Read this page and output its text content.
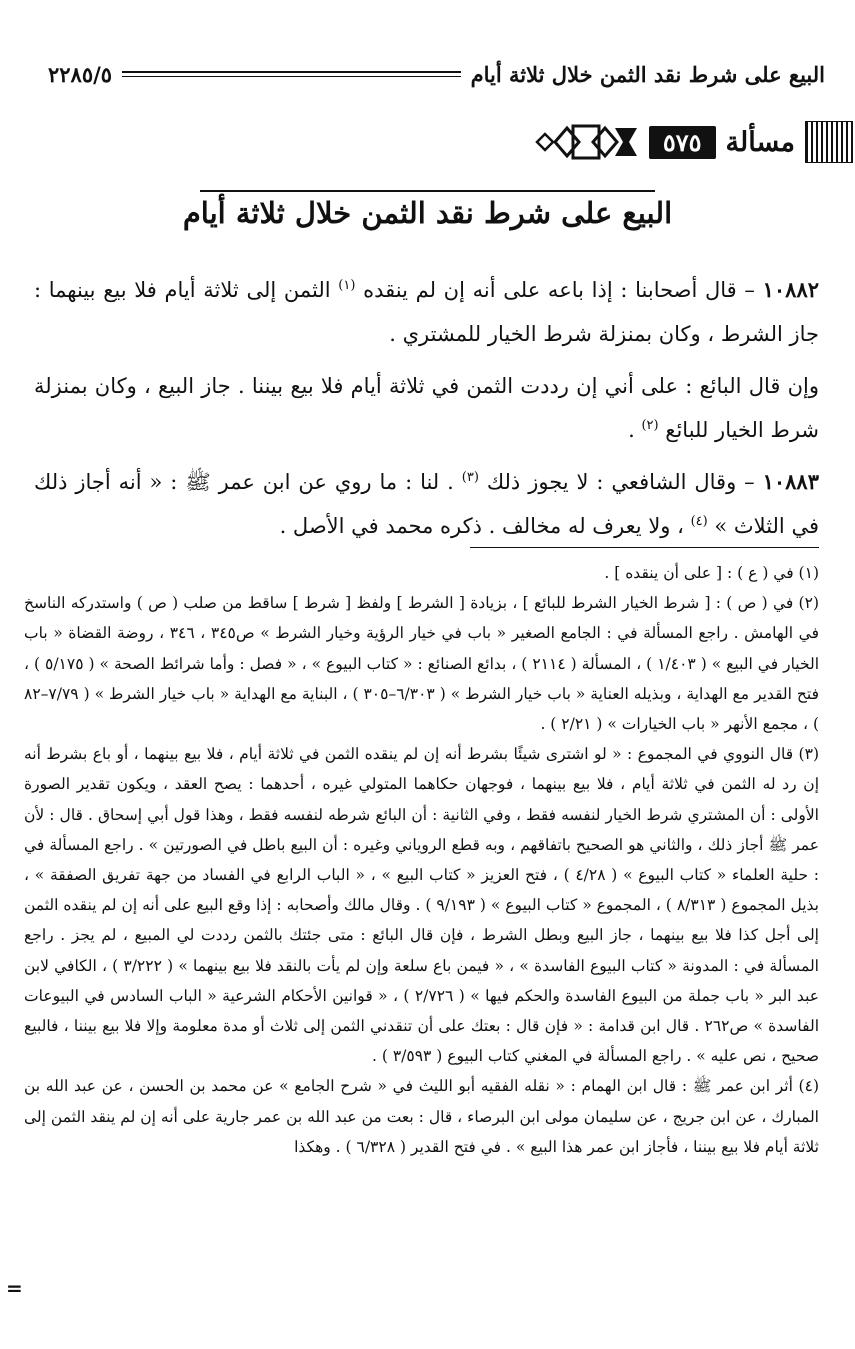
البيع على شرط نقد الثمن خلال ثلاثة أيام
٢٢٨٥/٥
مسألة
٥٧٥
البيع على شرط نقد الثمن خلال ثلاثة أيام

١٠٨٨٢ – قال أصحابنا : إذا باعه على أنه إن لم ينقده $^{(١)}$ الثمن إلى ثلاثة أيام فلا بيع بينهما : جاز الشرط ، وكان بمنزلة شرط الخيار للمشتري .

وإن قال البائع : على أني إن رددت الثمن في ثلاثة أيام فلا بيع بيننا . جاز البيع ، وكان بمنزلة شرط الخيار للبائع $^{(٢)}$ .

١٠٨٨٣ – وقال الشافعي : لا يجوز ذلك $^{(٣)}$ . لنا : ما روي عن ابن عمر ﷺ : « أنه أجاز ذلك في الثلاث » $^{(٤)}$ ، ولا يعرف له مخالف . ذكره محمد في الأصل .

(١) في ( ع ) : [ على أن ينقده ] .

(٢) في ( ص ) : [ شرط الخيار الشرط للبائع ] ، بزيادة [ الشرط ] ولفظ [ شرط ] ساقط من صلب ( ص ) واستدركه الناسخ في الهامش . راجع المسألة في : الجامع الصغير « باب في خيار الرؤية وخيار الشرط » ص٣٤٥ ، ٣٤٦ ، روضة القضاة « باب الخيار في البيع » ( ١/٤٠٣ ) ، المسألة ( ٢١١٤ ) ، بدائع الصنائع : « كتاب البيوع » ، « فصل : وأما شرائط الصحة » ( ٥/١٧٥ ) ، فتح القدير مع الهداية ، وبذيله العناية « باب خيار الشرط » ( ٦/٣٠٣–٣٠٥ ) ، البناية مع الهداية « باب خيار الشرط » ( ٧/٧٩–٨٢ ) ، مجمع الأنهر « باب الخيارات » ( ٢/٢١ ) .

(٣) قال النووي في المجموع : « لو اشترى شيئًا بشرط أنه إن لم ينقده الثمن في ثلاثة أيام ، فلا بيع بينهما ، أو باع بشرط أنه إن رد له الثمن في ثلاثة أيام ، فلا بيع بينهما ، فوجهان حكاهما المتولي غيره ، أحدهما : يصح العقد ، ويكون تقدير الصورة الأولى : أن المشتري شرط الخيار لنفسه فقط ، وفي الثانية : أن البائع شرطه لنفسه فقط ، وهذا قول أبي إسحاق . قال : لأن عمر ﷺ أجاز ذلك ، والثاني هو الصحيح باتفاقهم ، وبه قطع الروياني وغيره : أن البيع باطل في الصورتين » . راجع المسألة في : حلية العلماء « كتاب البيوع » ( ٤/٢٨ ) ، فتح العزيز « كتاب البيع » ، « الباب الرابع في الفساد من جهة تفريق الصفقة » ، بذيل المجموع ( ٨/٣١٣ ) ، المجموع « كتاب البيوع » ( ٩/١٩٣ ) . وقال مالك وأصحابه : إذا وقع البيع على أنه إن لم ينقده الثمن إلى أجل كذا فلا بيع بينهما ، جاز البيع وبطل الشرط ، فإن قال البائع : متى جئتك بالثمن رددت لي المبيع ، لم يجز . راجع المسألة في : المدونة « كتاب البيوع الفاسدة » ، « فيمن باع سلعة وإن لم يأت بالنقد فلا بيع بينهما » ( ٣/٢٢٢ ) ، الكافي لابن عبد البر « باب جملة من البيوع الفاسدة والحكم فيها » ( ٢/٧٢٦ ) ، « قوانين الأحكام الشرعية « الباب السادس في البيوعات الفاسدة » ص٢٦٢ . قال ابن قدامة : « فإن قال : بعتك على أن تنقدني الثمن إلى ثلاث أو مدة معلومة وإلا فلا بيع بيننا ، فالبيع صحيح ، نص عليه » . راجع المسألة في المغني كتاب البيوع ( ٣/٥٩٣ ) .

(٤) أثر ابن عمر ﷺ : قال ابن الهمام : « نقله الفقيه أبو الليث في « شرح الجامع » عن محمد بن الحسن ، عن عبد الله بن المبارك ، عن ابن جريج ، عن سليمان مولى ابن البرصاء ، قال : بعت من عبد الله بن عمر جارية على أنه إن لم ينقد الثمن إلى ثلاثة أيام فلا بيع بيننا ، فأجاز ابن عمر هذا البيع » . في فتح القدير ( ٦/٣٢٨ ) . وهكذا

=
